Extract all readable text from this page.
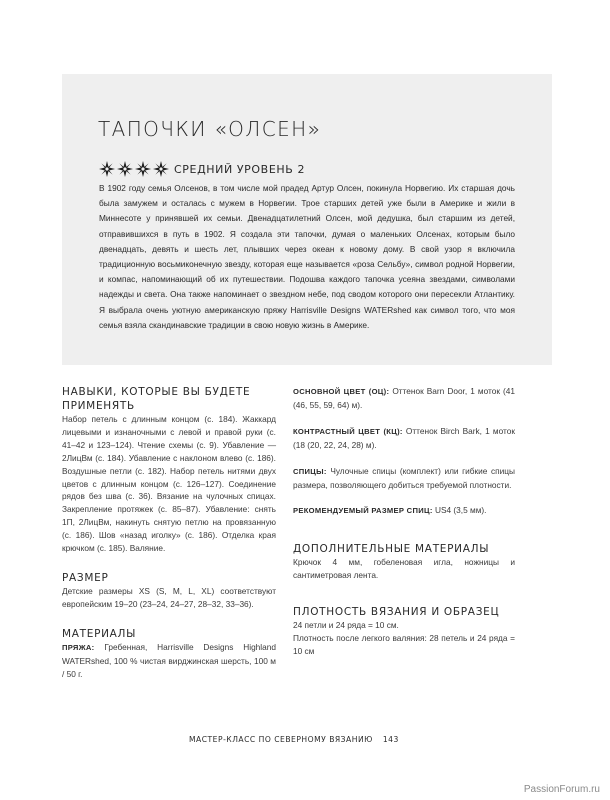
ТАПОЧКИ «ОЛСЕН»
СРЕДНИЙ УРОВЕНЬ 2

В 1902 году семья Олсенов, в том числе мой прадед Артур Олсен, покинула Норвегию. Их старшая дочь была замужем и осталась с мужем в Норвегии. Трое старших детей уже были в Америке и жили в Миннесоте у принявшей их семьи. Двенадцатилетний Олсен, мой дедушка, был старшим из детей, отправившихся в путь в 1902. Я создала эти тапочки, думая о маленьких Олсенах, которым было двенадцать, девять и шесть лет, плывших через океан к новому дому. В свой узор я включила традиционную восьмиконечную звезду, которая еще называется «роза Сельбу», символ родной Норвегии, и компас, напоминающий об их путешествии. Подошва каждого тапочка усеяна звездами, символами надежды и света. Она также напоминает о звездном небе, под сводом которого они пересекли Атлантику. Я выбрала очень уютную американскую пряжу Harrisville Designs WATERshed как символ того, что моя семья взяла скандинавские традиции в свою новую жизнь в Америке.

НАВЫКИ, КОТОРЫЕ ВЫ БУДЕТЕ ПРИМЕНЯТЬ

Набор петель с длинным концом (с. 184). Жаккард лицевыми и изнаночными с левой и правой руки (с. 41–42 и 123–124). Чтение схемы (с. 9). Убавление — 2ЛицВм (с. 184). Убавление с наклоном влево (с. 186). Воздушные петли (с. 182). Набор петель нитями двух цветов с длинным концом (с. 126–127). Соединение рядов без шва (с. 36). Вязание на чулочных спицах. Закрепление протяжек (с. 85–87). Убавление: снять 1П, 2ЛицВм, накинуть снятую петлю на провязанную (с. 186). Шов «назад иголку» (с. 186). Отделка края крючком (с. 185). Валяние.

РАЗМЕР

Детские размеры XS (S, M, L, XL) соответствуют европейским 19–20 (23–24, 24–27, 28–32, 33–36).

МАТЕРИАЛЫ

ПРЯЖА: Гребенная, Harrisville Designs Highland WATERshed, 100 % чистая вирджинская шерсть, 100 м / 50 г.

ОСНОВНОЙ ЦВЕТ (ОЦ): Оттенок Barn Door, 1 моток (41 (46, 55, 59, 64) м).

КОНТРАСТНЫЙ ЦВЕТ (КЦ): Оттенок Birch Bark, 1 моток (18 (20, 22, 24, 28) м).

СПИЦЫ: Чулочные спицы (комплект) или гибкие спицы размера, позволяющего добиться требуемой плотности.

РЕКОМЕНДУЕМЫЙ РАЗМЕР СПИЦ: US4 (3,5 мм).

ДОПОЛНИТЕЛЬНЫЕ МАТЕРИАЛЫ

Крючок 4 мм, гобеленовая игла, ножницы и сантиметровая лента.

ПЛОТНОСТЬ ВЯЗАНИЯ И ОБРАЗЕЦ

24 петли и 24 ряда = 10 см.

Плотность после легкого валяния: 28 петель и 24 ряда = 10 см

МАСТЕР-КЛАСС ПО СЕВЕРНОМУ ВЯЗАНИЮ 143
PassionForum.ru
